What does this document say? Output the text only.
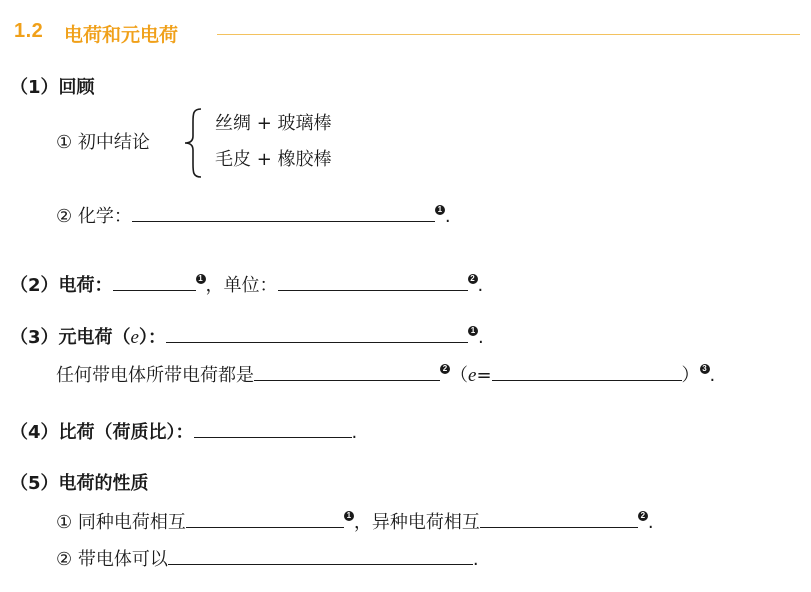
1.2 电荷和元电荷
（1）回顾
① 初中结论
丝绸 + 玻璃棒
毛皮 + 橡胶棒
② 化学：	1 .
（2）电荷：	1 ，单位：	2 .
（3）元电荷（e）：	1 .
任何带电体所带电荷都是	2 （e=	） 3 .
（4）比荷（荷质比）：	.
（5）电荷的性质
① 同种电荷相互	1 ，异种电荷相互	2 .
② 带电体可以	.
